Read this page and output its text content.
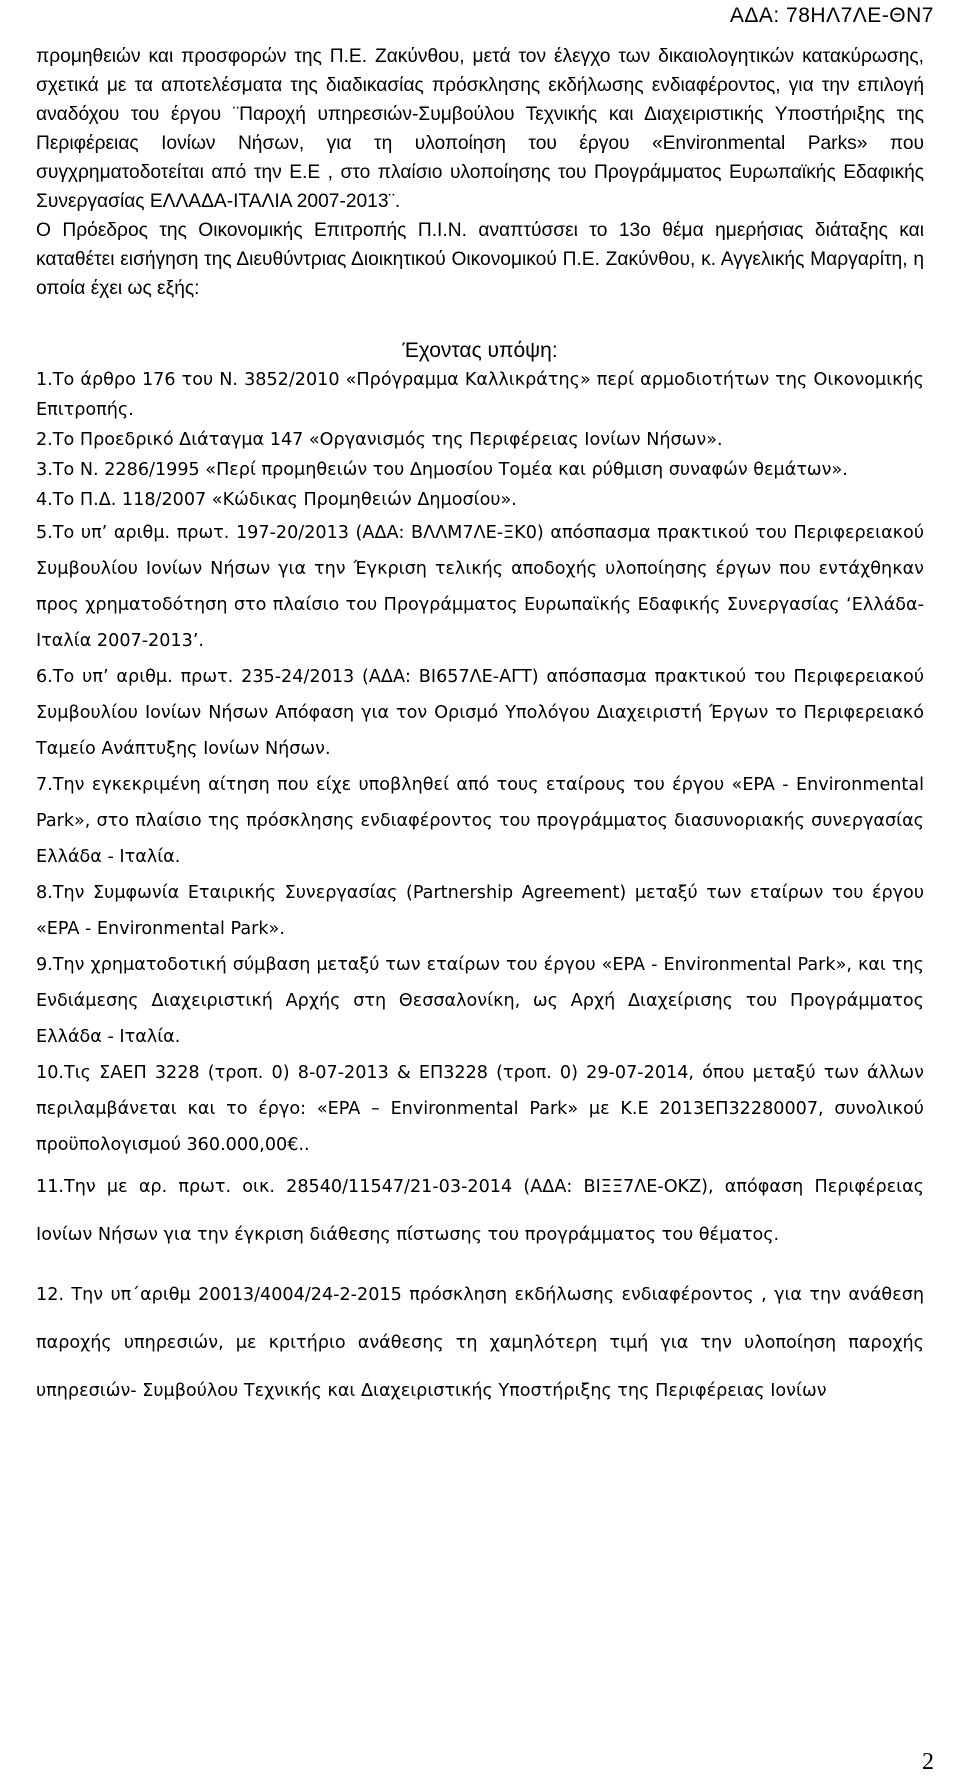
ΑΔΑ: 78ΗΛ7ΛΕ-ΘΝ7

προμηθειών και προσφορών της Π.Ε. Ζακύνθου, μετά τον έλεγχο των δικαιολογητικών κατακύρωσης, σχετικά με τα αποτελέσματα της διαδικασίας πρόσκλησης εκδήλωσης ενδιαφέροντος, για την επιλογή αναδόχου του έργου ¨Παροχή υπηρεσιών-Συμβούλου Τεχνικής και Διαχειριστικής Υποστήριξης της Περιφέρειας Ιονίων Νήσων, για τη υλοποίηση του έργου «Environmental Parks» που συγχρηματοδοτείται από την Ε.Ε , στο πλαίσιο υλοποίησης του Προγράμματος Ευρωπαϊκής Εδαφικής Συνεργασίας ΕΛΛΑΔΑ-ΙΤΑΛΙΑ 2007-2013¨.

Ο Πρόεδρος της Οικονομικής Επιτροπής Π.Ι.Ν. αναπτύσσει το 13ο θέμα ημερήσιας διάταξης και καταθέτει εισήγηση της Διευθύντριας Διοικητικού Οικονομικού Π.Ε. Ζακύνθου, κ. Αγγελικής Μαργαρίτη, η οποία έχει ως εξής:

Έχοντας υπόψη:

1.Το άρθρο 176 του Ν. 3852/2010 «Πρόγραμμα Καλλικράτης» περί αρμοδιοτήτων της Οικονομικής Επιτροπής.

2.Το Προεδρικό Διάταγμα 147 «Οργανισμός της Περιφέρειας Ιονίων Νήσων».

3.Το Ν. 2286/1995 «Περί προμηθειών του Δημοσίου Τομέα και ρύθμιση συναφών θεμάτων».

4.Το Π.Δ. 118/2007 «Κώδικας Προμηθειών Δημοσίου».

5.Το υπ’ αριθμ. πρωτ. 197-20/2013 (ΑΔΑ: ΒΛΛΜ7ΛΕ-ΞΚ0) απόσπασμα πρακτικού του Περιφερειακού Συμβουλίου Ιονίων Νήσων για την Έγκριση τελικής αποδοχής υλοποίησης έργων που εντάχθηκαν προς χρηματοδότηση στο πλαίσιο του Προγράμματος Ευρωπαϊκής Εδαφικής Συνεργασίας ‘Ελλάδα- Ιταλία 2007-2013’.

6.Το υπ’ αριθμ. πρωτ. 235-24/2013 (ΑΔΑ: ΒΙ657ΛΕ-ΑΓΤ) απόσπασμα πρακτικού του Περιφερειακού Συμβουλίου Ιονίων Νήσων Απόφαση για τον Ορισμό Υπολόγου Διαχειριστή Έργων το Περιφερειακό Ταμείο Ανάπτυξης Ιονίων Νήσων.

7.Την εγκεκριμένη αίτηση που είχε υποβληθεί από τους εταίρους του έργου «EPA - Environmental Park», στο πλαίσιο της πρόσκλησης ενδιαφέροντος του προγράμματος διασυνοριακής συνεργασίας Ελλάδα - Ιταλία.

8.Την Συμφωνία Εταιρικής Συνεργασίας (Partnership Agreement) μεταξύ των εταίρων του έργου «EPA - Environmental Park».

9.Την χρηματοδοτική σύμβαση μεταξύ των εταίρων του έργου «EPA - Environmental Park», και της Ενδιάμεσης Διαχειριστική Αρχής στη Θεσσαλονίκη, ως Αρχή Διαχείρισης του Προγράμματος Ελλάδα - Ιταλία.

10.Τις ΣΑΕΠ 3228 (τροπ. 0) 8-07-2013 & ΕΠ3228 (τροπ. 0) 29-07-2014, όπου μεταξύ των άλλων περιλαμβάνεται και το έργο: «EPA – Environmental Park» με Κ.Ε 2013ΕΠ32280007, συνολικού προϋπολογισμού 360.000,00€..

11.Την με αρ. πρωτ. οικ. 28540/11547/21-03-2014 (ΑΔΑ: ΒΙΞΞ7ΛΕ-ΟΚΖ), απόφαση Περιφέρειας Ιονίων Νήσων για την έγκριση διάθεσης πίστωσης του προγράμματος του θέματος.

12. Την υπ΄αριθμ 20013/4004/24-2-2015 πρόσκληση εκδήλωσης ενδιαφέροντος , για την ανάθεση παροχής υπηρεσιών, με κριτήριο ανάθεσης τη χαμηλότερη τιμή για την υλοποίηση παροχής υπηρεσιών- Συμβούλου Τεχνικής και Διαχειριστικής Υποστήριξης της Περιφέρειας Ιονίων

2
